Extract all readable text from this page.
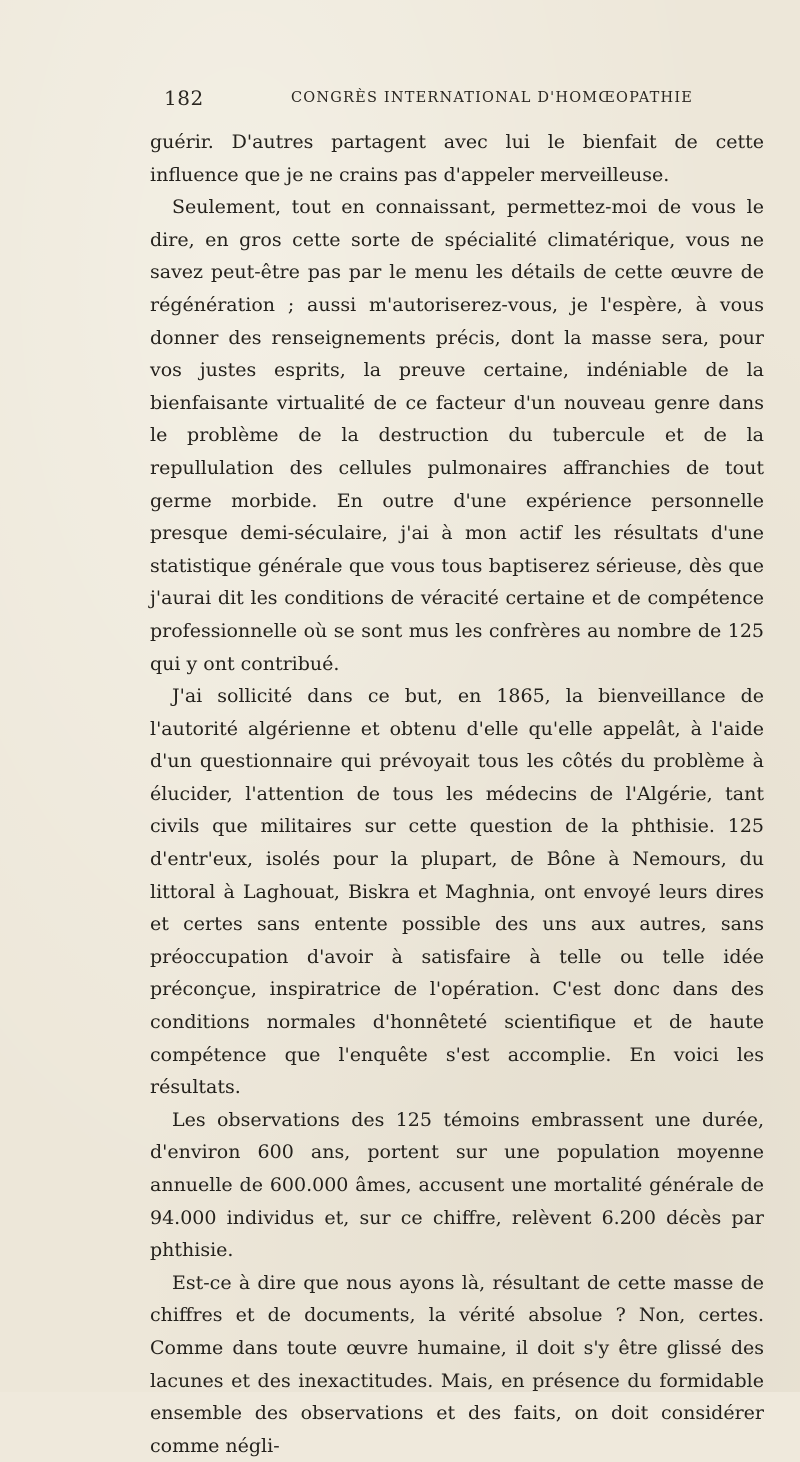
182	CONGRÈS INTERNATIONAL D'HOMŒOPATHIE

guérir. D'autres partagent avec lui le bienfait de cette influence que je ne crains pas d'appeler merveilleuse.

Seulement, tout en connaissant, permettez-moi de vous le dire, en gros cette sorte de spécialité climatérique, vous ne savez peut-être pas par le menu les détails de cette œuvre de régénération ; aussi m'autoriserez-vous, je l'espère, à vous donner des renseignements précis, dont la masse sera, pour vos justes esprits, la preuve certaine, indéniable de la bienfaisante virtualité de ce facteur d'un nouveau genre dans le problème de la destruction du tubercule et de la repullulation des cellules pulmonaires affranchies de tout germe morbide. En outre d'une expérience personnelle presque demi-séculaire, j'ai à mon actif les résultats d'une statistique générale que vous tous baptiserez sérieuse, dès que j'aurai dit les conditions de véracité certaine et de compétence professionnelle où se sont mus les confrères au nombre de 125 qui y ont contribué.

J'ai sollicité dans ce but, en 1865, la bienveillance de l'autorité algérienne et obtenu d'elle qu'elle appelât, à l'aide d'un questionnaire qui prévoyait tous les côtés du problème à élucider, l'attention de tous les médecins de l'Algérie, tant civils que militaires sur cette question de la phthisie. 125 d'entr'eux, isolés pour la plupart, de Bône à Nemours, du littoral à Laghouat, Biskra et Maghnia, ont envoyé leurs dires et certes sans entente possible des uns aux autres, sans préoccupation d'avoir à satisfaire à telle ou telle idée préconçue, inspiratrice de l'opération. C'est donc dans des conditions normales d'honnêteté scientifique et de haute compétence que l'enquête s'est accomplie. En voici les résultats.

Les observations des 125 témoins embrassent une durée, d'environ 600 ans, portent sur une population moyenne annuelle de 600.000 âmes, accusent une mortalité générale de 94.000 individus et, sur ce chiffre, relèvent 6.200 décès par phthisie.

Est-ce à dire que nous ayons là, résultant de cette masse de chiffres et de documents, la vérité absolue ? Non, certes. Comme dans toute œuvre humaine, il doit s'y être glissé des lacunes et des inexactitudes. Mais, en présence du formidable ensemble des observations et des faits, on doit considérer comme négli-
